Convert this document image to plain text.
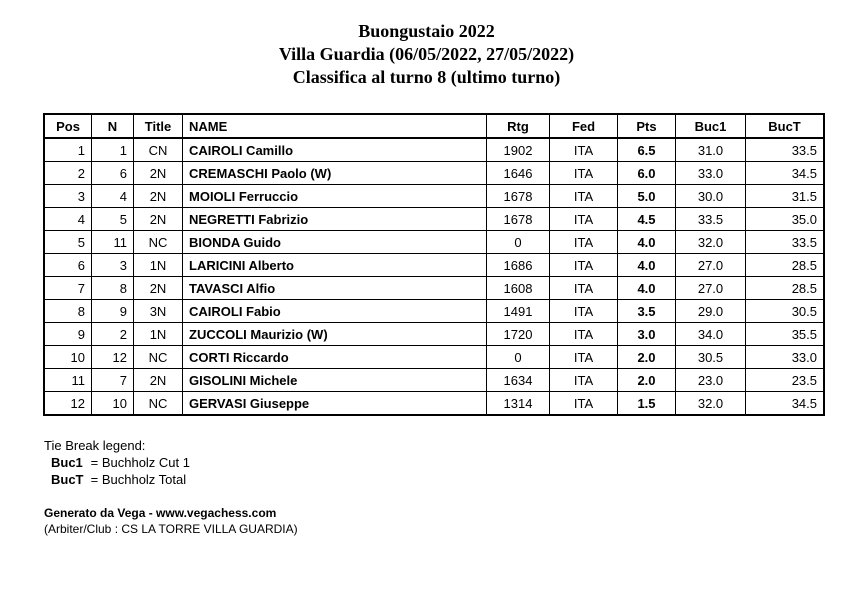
Buongustaio 2022
Villa Guardia (06/05/2022, 27/05/2022)
Classifica al turno 8 (ultimo turno)
Pos	N	Title	NAME	Rtg	Fed	Pts	Buc1	BucT
1	1	CN	CAIROLI Camillo	1902	ITA	6.5	31.0	33.5
2	6	2N	CREMASCHI Paolo (W)	1646	ITA	6.0	33.0	34.5
3	4	2N	MOIOLI Ferruccio	1678	ITA	5.0	30.0	31.5
4	5	2N	NEGRETTI Fabrizio	1678	ITA	4.5	33.5	35.0
5	11	NC	BIONDA Guido	0	ITA	4.0	32.0	33.5
6	3	1N	LARICINI Alberto	1686	ITA	4.0	27.0	28.5
7	8	2N	TAVASCI Alfio	1608	ITA	4.0	27.0	28.5
8	9	3N	CAIROLI Fabio	1491	ITA	3.5	29.0	30.5
9	2	1N	ZUCCOLI Maurizio (W)	1720	ITA	3.0	34.0	35.5
10	12	NC	CORTI Riccardo	0	ITA	2.0	30.5	33.0
11	7	2N	GISOLINI Michele	1634	ITA	2.0	23.0	23.5
12	10	NC	GERVASI Giuseppe	1314	ITA	1.5	32.0	34.5
Tie Break legend:
Buc1 = Buchholz Cut 1
BucT = Buchholz Total
Generato da Vega - www.vegachess.com
(Arbiter/Club : CS LA TORRE VILLA GUARDIA)
